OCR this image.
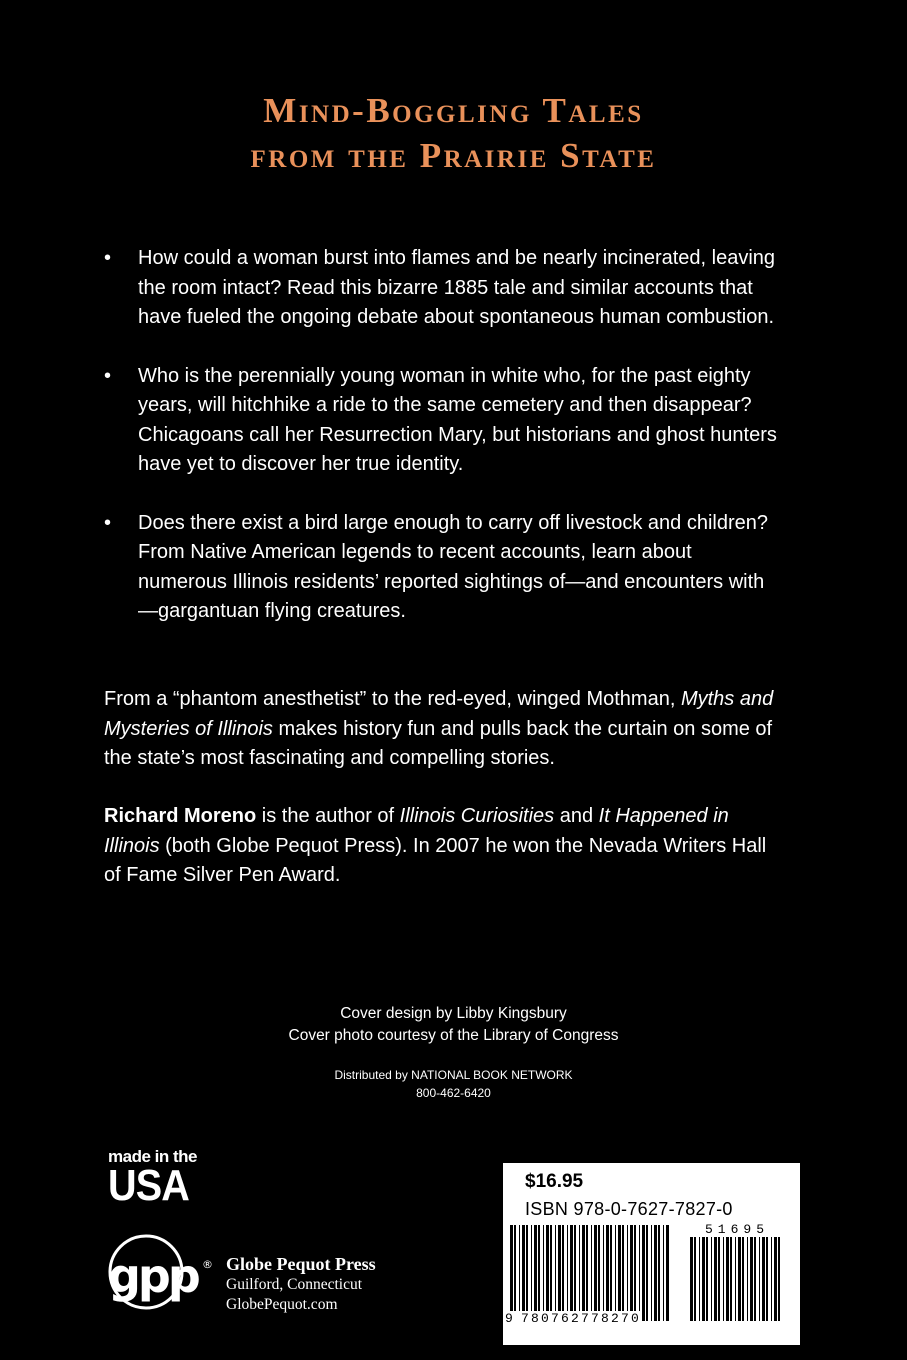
Mind-Boggling Tales
from the Prairie State
• How could a woman burst into flames and be nearly incinerated, leaving the room intact? Read this bizarre 1885 tale and similar accounts that have fueled the ongoing debate about spontaneous human combustion.
• Who is the perennially young woman in white who, for the past eighty years, will hitchhike a ride to the same cemetery and then disappear? Chicagoans call her Resurrection Mary, but historians and ghost hunters have yet to discover her true identity.
• Does there exist a bird large enough to carry off livestock and children? From Native American legends to recent accounts, learn about numerous Illinois residents’ reported sightings of—and encounters with—gargantuan flying creatures.
From a “phantom anesthetist” to the red-eyed, winged Mothman, Myths and Mysteries of Illinois makes history fun and pulls back the curtain on some of the state’s most fascinating and compelling stories.
Richard Moreno is the author of Illinois Curiosities and It Happened in Illinois (both Globe Pequot Press). In 2007 he won the Nevada Writers Hall of Fame Silver Pen Award.
Cover design by Libby Kingsbury
Cover photo courtesy of the Library of Congress
Distributed by NATIONAL BOOK NETWORK
800-462-6420
made in the
USA
gpp ® Globe Pequot Press
Guilford, Connecticut
GlobePequot.com
$16.95
ISBN 978-0-7627-7827-0
51695
9 780762778270
